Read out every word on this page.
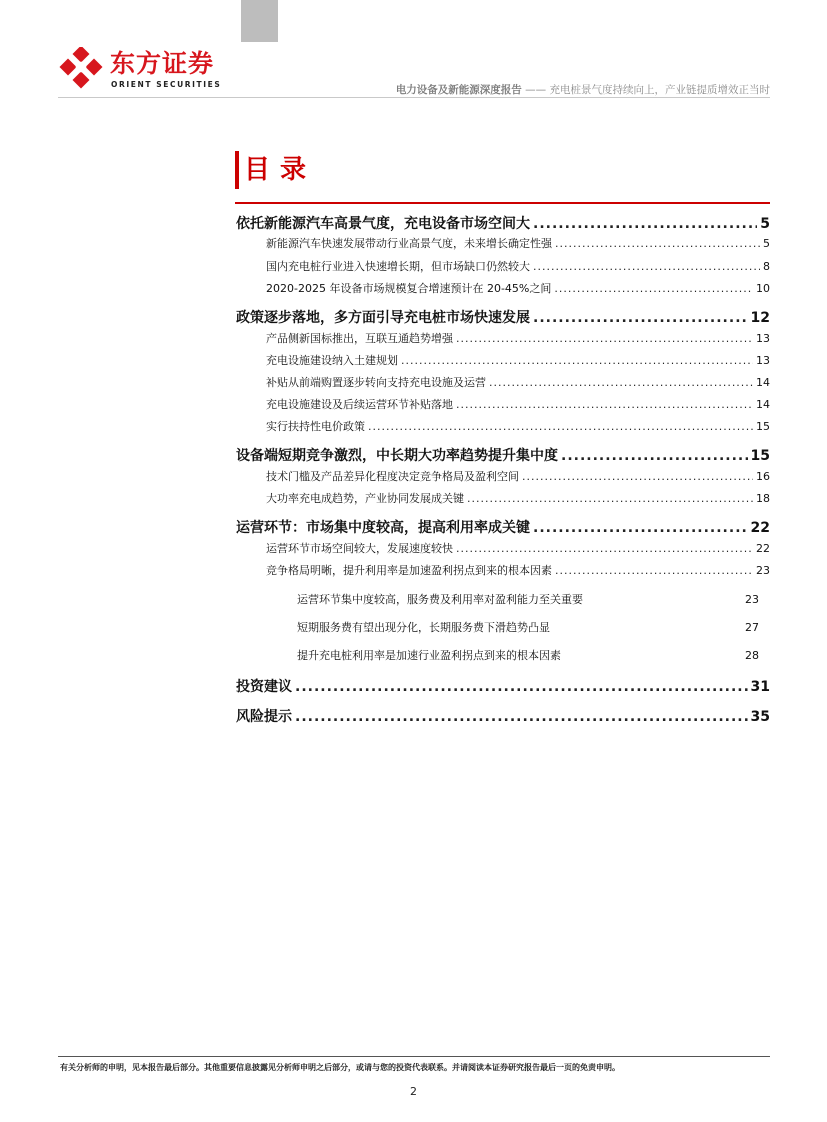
东方证券
ORIENT SECURITIES	电力设备及新能源深度报告 —— 充电桩景气度持续向上，产业链提质增效正当时
目录
依托新能源汽车高景气度，充电设备市场空间大 .....	5
新能源汽车快速发展带动行业高景气度，未来增长确定性强 .....	5
国内充电桩行业进入快速增长期，但市场缺口仍然较大 .....	8
2020-2025 年设备市场规模复合增速预计在 20-45%之间 .....	10
政策逐步落地，多方面引导充电桩市场快速发展 .....	12
产品侧新国标推出，互联互通趋势增强 .....	13
充电设施建设纳入土建规划 .....	13
补贴从前端购置逐步转向支持充电设施及运营 .....	14
充电设施建设及后续运营环节补贴落地 .....	14
实行扶持性电价政策 .....	15
设备端短期竞争激烈，中长期大功率趋势提升集中度 .....	15
技术门槛及产品差异化程度决定竞争格局及盈利空间 .....	16
大功率充电成趋势，产业协同发展成关键 .....	18
运营环节：市场集中度较高，提高利用率成关键 .....	22
运营环节市场空间较大，发展速度较快 .....	22
竞争格局明晰，提升利用率是加速盈利拐点到来的根本因素 .....	23
运营环节集中度较高，服务费及利用率对盈利能力至关重要	23
短期服务费有望出现分化，长期服务费下滑趋势凸显	27
提升充电桩利用率是加速行业盈利拐点到来的根本因素	28
投资建议 .....	31
风险提示 .....	35
有关分析师的申明，见本报告最后部分。其他重要信息披露见分析师申明之后部分，或请与您的投资代表联系。并请阅读本证券研究报告最后一页的免责申明。
2
